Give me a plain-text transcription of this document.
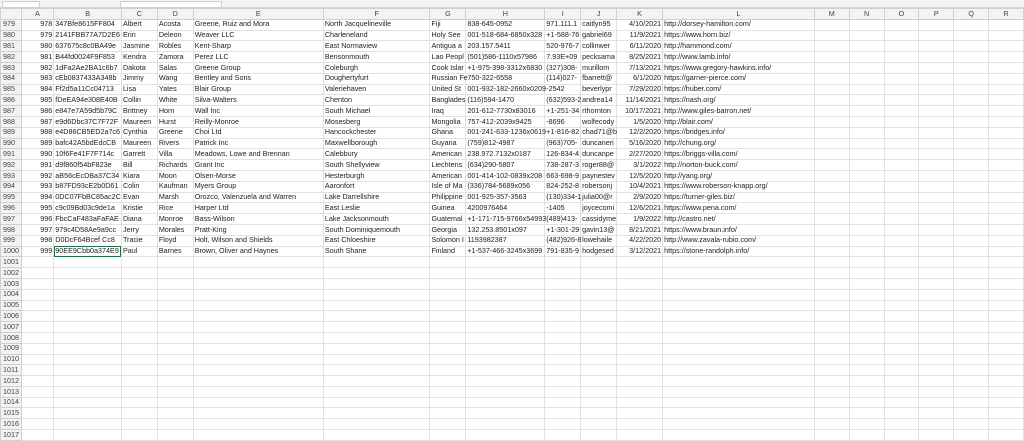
	A	B	C	D	E	F	G	H	I	J	K	L	M	N	O	P	Q	R
979	978	347Bfe8615FF804	Albert	Acosta	Greene, Ruiz and Mora	North Jacquelineville	Fiji	838-645-0952	971.111.1	caitlyn95	4/10/2021	http://dorsey-hamilton.com/						
980	979	2141FBB77A7D2E6	Erin	Deleon	Weaver LLC	Charleneland	Holy See	001-518-684-6850x328	+1-588-76	gabriel69	11/9/2021	https://www.horn.biz/						
981	980	637675c8c0BA49e	Jasmine	Robles	Kent-Sharp	East Normaview	Antigua a	203.157.5411	520-976-7	collinwer	6/11/2020	http://hammond.com/						
982	981	B44fd0024F9F853	Kendra	Zamora	Perez LLC	Bensonmouth	Lao Peopl	(501)586-1110x57986	7.93E+09	pecksama	8/25/2021	http://www.lamb.info/						
983	982	1dFa2Ae2BA1c6b7	Dakota	Salas	Greene Group	Coleburgh	Cook Islar	+1-975-398-3312x6830	(327)308-	murillom	7/13/2021	https://www.gregory-hawkins.info/						
984	983	cEb0837433A348b	Jimmy	Wang	Bentley and Sons	Dougherty​furt	Russian Fe	750-322-6558	(114)027-	fbarrett@	6/1/2020	https://garner-pierce.com/						
985	984	Ff2d5a11Cc04713	Lisa	Yates	Blair Group	Valeriehaven	United St	001-932-182-2660x0209	-2542	beverlypr	7/29/2020	https://huber.com/						
986	985	fDeEA94e308E40B	Collin	White	Silva-Walters	Chenton	Banglades	(116)594-1470	(632)593-2	andrea14	11/14/2021	https://nash.org/						
987	986	e847e7A59d5b79C	Brittney	Horn	Wall Inc	South Michael	Iraq	201-612-7730x83016	+1-251-34	rthornton	10/17/2021	http://www.giles-barron.net/						
988	987	e9d6Dbc37C7F72F	Maureen	Hurst	Reilly-Monroe	Mosesberg	Mongolia	757-412-2039x9425	-8696	wolfecody	1/5/2020	http://blair.com/						
989	988	e4D86CB5ED2a7c6	Cynthia	Greene	Choi Ltd	Hancockchester	Ghana	001-241-633-1236x0619	+1-816-82	chad71@b	12/2/2020	https://bridges.info/						
990	989	bafc42A5bdEdcCB	Maureen	Rivers	Patrick Inc	Maxwellborough	Guyana	(759)812-4987	(963)705-	duncaneri	5/16/2020	http://chung.org/						
991	990	10f6Fe41F7F714c	Garrett	Villa	Meadows, Lowe and Brennan	Calebbury	American	238.972.7132x0187	126-834-4	duncanpe	2/27/2020	https://briggs-villa.com/						
992	991	d9f860f54bF823e	Bill	Richards	Grant Inc	South Shellyview	Liechtens	(634)290-5807	738-287-3	roger88@	3/1/2022	http://norton-buck.com/						
993	992	aB56cEcDBa37C34	Kiara	Moon	Olsen-Morse	Hesterburgh	American	001-414-102-0839x208	663-698-9	paynestev	12/5/2020	http://yang.org/						
994	993	b87FD93cE2b0D61	Colin	Kaufman	Myers Group	Aaronfort	Isle of Ma	(336)784-5689x056	824-252-8	robersonj	10/4/2021	https://www.roberson-knapp.org/						
995	994	0DC07FbBC85ac2C	Evan	Marsh	Orozco, Valenzuela and Warren	Lake Darrellshire	Philippine	001-925-357-3563	(130)334-1	julia00@r	2/9/2020	https://turner-giles.biz/						
996	995	c9c09Bd03c9de1a	Kristie	Rice	Harper Ltd	East Leslie	Guinea	4200976464	-1405	joycecomi	12/6/2021	https://www.pena.com/						
997	996	FbcCaF483aFaFAE	Diana	Monroe	Bass-Wilson	Lake Jacksonmouth	Guatemal	+1-171-715-9766x54993	(489)413-	cassidyme	1/9/2022	http://castro.net/						
998	997	979c4D58Ae9a9cc	Jerry	Morales	Pratt-King	South Dominiquemouth	Georgia	132.253.8501x097	+1-301-29	gavin13@	8/21/2021	https://www.braun.info/						
999	998	D0DcF64Bcef Cc8	Tracie	Floyd	Holt, Wilson and Shields	East Chloeshire	Solomon I	1193982387	(482)926-8	lowehaile	4/22/2020	http://www.zavala-rubio.com/						
1000	999	90EE9Cbb0a374E9	Paul	Barnes	Brown, Oliver and Haynes	South Shane	Finland	+1-537-466-3245x3699	791-835-9	hodgesed	3/12/2021	https://stone-randolph.info/						
1001																		
1002																		
1003																		
1004																		
1005																		
1006																		
1007																		
1008																		
1009																		
1010																		
1011																		
1012																		
1013																		
1014																		
1015																		
1016																		
1017																		
